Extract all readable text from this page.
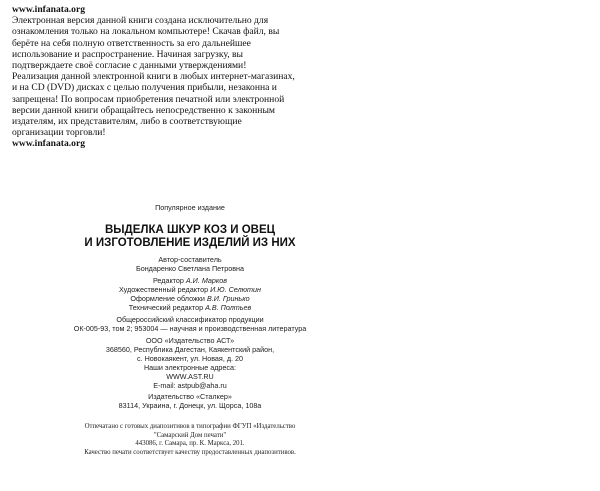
www.infanata.org
Электронная версия данной книги создана исключительно для
ознакомления только на локальном компьютере! Скачав файл, вы
берёте на себя полную ответственность за его дальнейшее
использование и распространение. Начиная загрузку, вы
подтверждаете своё согласие с данными утверждениями!
Реализация данной электронной книги в любых интернет-магазинах,
и на CD (DVD) дисках с целью получения прибыли, незаконна и
запрещена! По вопросам приобретения печатной или электронной
версии данной книги обращайтесь непосредственно к законным
издателям, их представителям, либо в соответствующие
организации торговли!
www.infanata.org
Популярное издание
ВЫДЕЛКА ШКУР КОЗ И ОВЕЦ
И ИЗГОТОВЛЕНИЕ ИЗДЕЛИЙ ИЗ НИХ
Автор-составитель
Бондаренко Светлана Петровна
Редактор А.И. Марков
Художественный редактор И.Ю. Селютин
Оформление обложки В.И. Гринько
Технический редактор А.В. Полтьев
Общероссийский классификатор продукции
ОК-005-93, том 2; 953004 — научная и производственная литература
ООО «Издательство АСТ»
368560, Республика Дагестан, Каякентский район,
с. Новокаякент, ул. Новая, д. 20
Наши электронные адреса:
WWW.AST.RU
E-mail: astpub@aha.ru
Издательство «Сталкер»
83114, Украина, г. Донецк, ул. Щорса, 108а
Отпечатано с готовых диапозитивов в типографии ФГУП «Издательство
"Самарский Дом печати"
443086, г. Самара, пр. К. Маркса, 201.
Качество печати соответствует качеству предоставленных диапозитивов.
